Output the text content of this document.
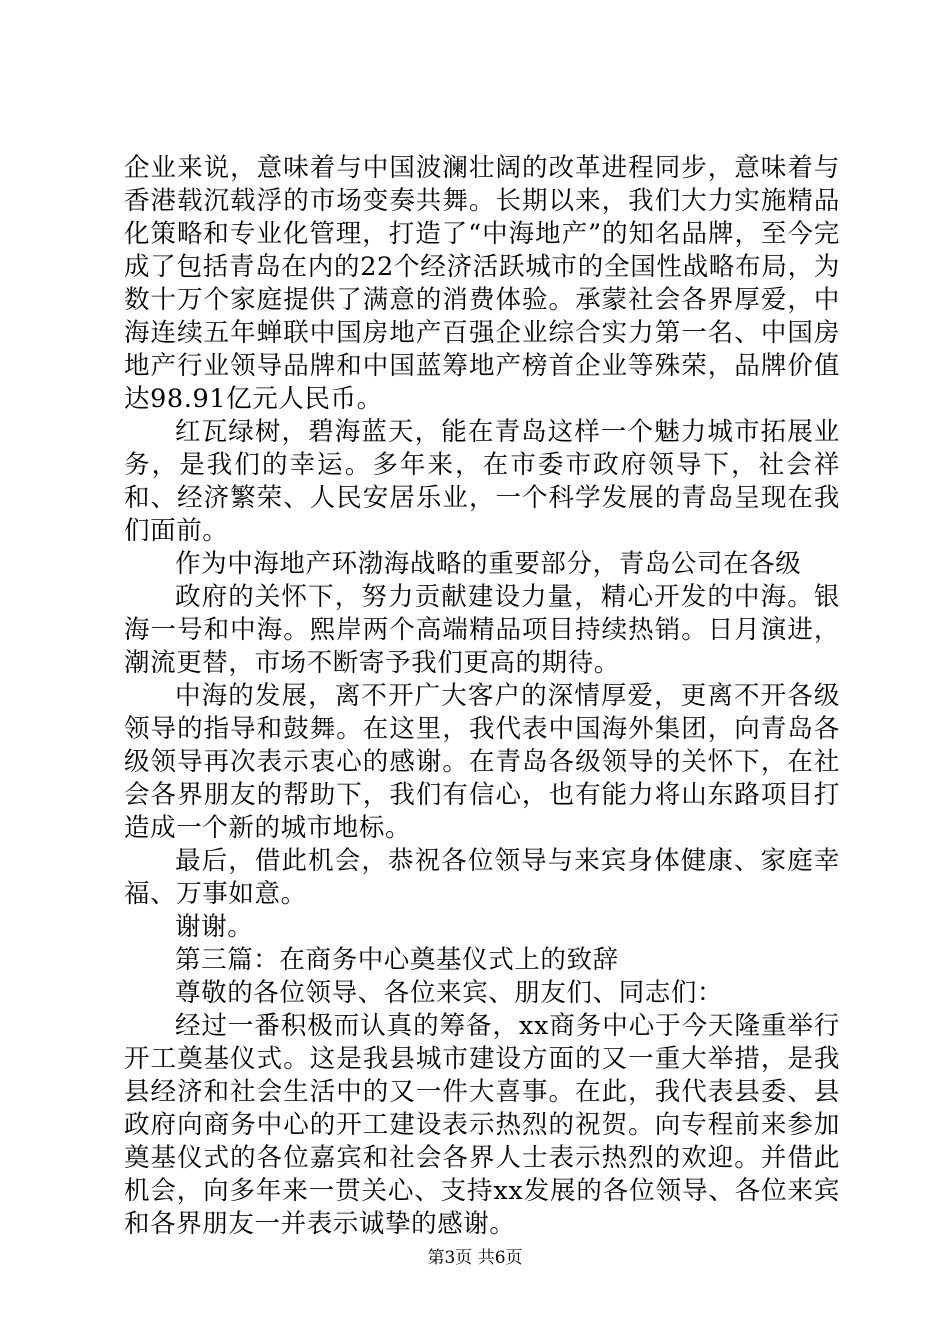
企业来说，意味着与中国波澜壮阔的改革进程同步，意味着与香港载沉载浮的市场变奏共舞。长期以来，我们大力实施精品化策略和专业化管理，打造了“中海地产”的知名品牌，至今完成了包括青岛在内的22个经济活跃城市的全国性战略布局，为数十万个家庭提供了满意的消费体验。承蒙社会各界厚爱，中海连续五年蝉联中国房地产百强企业综合实力第一名、中国房地产行业领导品牌和中国蓝筹地产榜首企业等殊荣，品牌价值达98.91亿元人民币。

红瓦绿树，碧海蓝天，能在青岛这样一个魅力城市拓展业务，是我们的幸运。多年来，在市委市政府领导下，社会祥和、经济繁荣、人民安居乐业，一个科学发展的青岛呈现在我们面前。

作为中海地产环渤海战略的重要部分，青岛公司在各级

政府的关怀下，努力贡献建设力量，精心开发的中海。银海一号和中海。熙岸两个高端精品项目持续热销。日月演进，潮流更替，市场不断寄予我们更高的期待。

中海的发展，离不开广大客户的深情厚爱，更离不开各级领导的指导和鼓舞。在这里，我代表中国海外集团，向青岛各级领导再次表示衷心的感谢。在青岛各级领导的关怀下，在社会各界朋友的帮助下，我们有信心，也有能力将山东路项目打造成一个新的城市地标。

最后，借此机会，恭祝各位领导与来宾身体健康、家庭幸福、万事如意。

谢谢。

第三篇：在商务中心奠基仪式上的致辞

尊敬的各位领导、各位来宾、朋友们、同志们：

经过一番积极而认真的筹备，xx商务中心于今天隆重举行开工奠基仪式。这是我县城市建设方面的又一重大举措，是我县经济和社会生活中的又一件大喜事。在此，我代表县委、县政府向商务中心的开工建设表示热烈的祝贺。向专程前来参加奠基仪式的各位嘉宾和社会各界人士表示热烈的欢迎。并借此机会，向多年来一贯关心、支持xx发展的各位领导、各位来宾和各界朋友一并表示诚挚的感谢。

第3页 共6页
